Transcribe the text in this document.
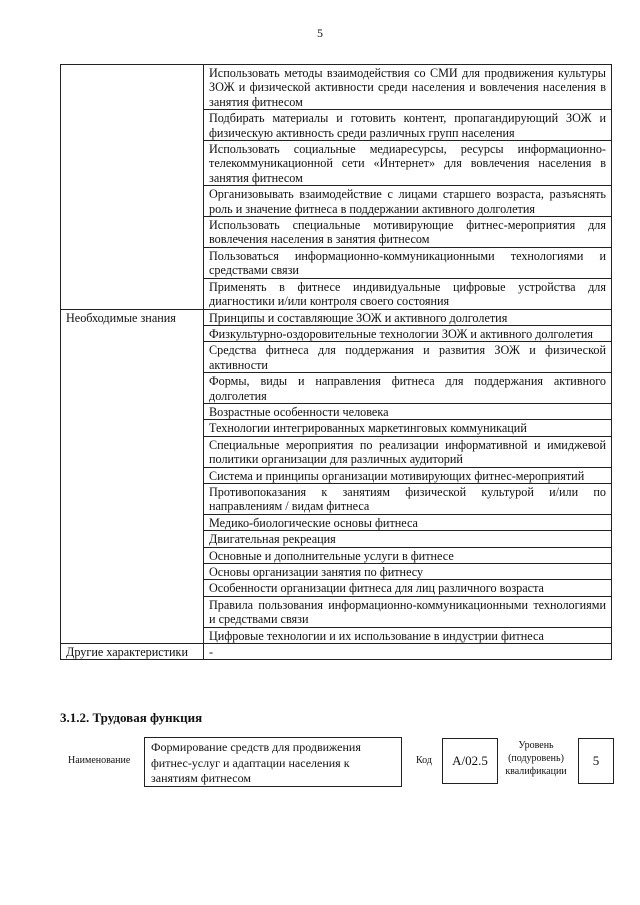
5
	Использовать методы взаимодействия со СМИ для продвижения культуры ЗОЖ и физической активности среди населения и вовлечения населения в занятия фитнесом
	Подбирать материалы и готовить контент, пропагандирующий ЗОЖ и физическую активность среди различных групп населения
	Использовать социальные медиаресурсы, ресурсы информационно-телекоммуникационной сети «Интернет» для вовлечения населения в занятия фитнесом
	Организовывать взаимодействие с лицами старшего возраста, разъяснять роль и значение фитнеса в поддержании активного долголетия
	Использовать специальные мотивирующие фитнес-мероприятия для вовлечения населения в занятия фитнесом
	Пользоваться информационно-коммуникационными технологиями и средствами связи
	Применять в фитнесе индивидуальные цифровые устройства для диагностики и/или контроля своего состояния
Необходимые знания	Принципы и составляющие ЗОЖ и активного долголетия
	Физкультурно-оздоровительные технологии ЗОЖ и активного долголетия
	Средства фитнеса для поддержания и развития ЗОЖ и физической активности
	Формы, виды и направления фитнеса для поддержания активного долголетия
	Возрастные особенности человека
	Технологии интегрированных маркетинговых коммуникаций
	Специальные мероприятия по реализации информативной и имиджевой политики организации для различных аудиторий
	Система и принципы организации мотивирующих фитнес-мероприятий
	Противопоказания к занятиям физической культурой и/или по направлениям / видам фитнеса
	Медико-биологические основы фитнеса
	Двигательная рекреация
	Основные и дополнительные услуги в фитнесе
	Основы организации занятия по фитнесу
	Особенности организации фитнеса для лиц различного возраста
	Правила пользования информационно-коммуникационными технологиями и средствами связи
	Цифровые технологии и их использование в индустрии фитнеса
Другие характеристики	-
3.1.2. Трудовая функция
Наименование
Формирование средств для продвижения фитнес-услуг и адаптации населения к занятиям фитнесом
Код	А/02.5
Уровень (подуровень) квалификации
5
